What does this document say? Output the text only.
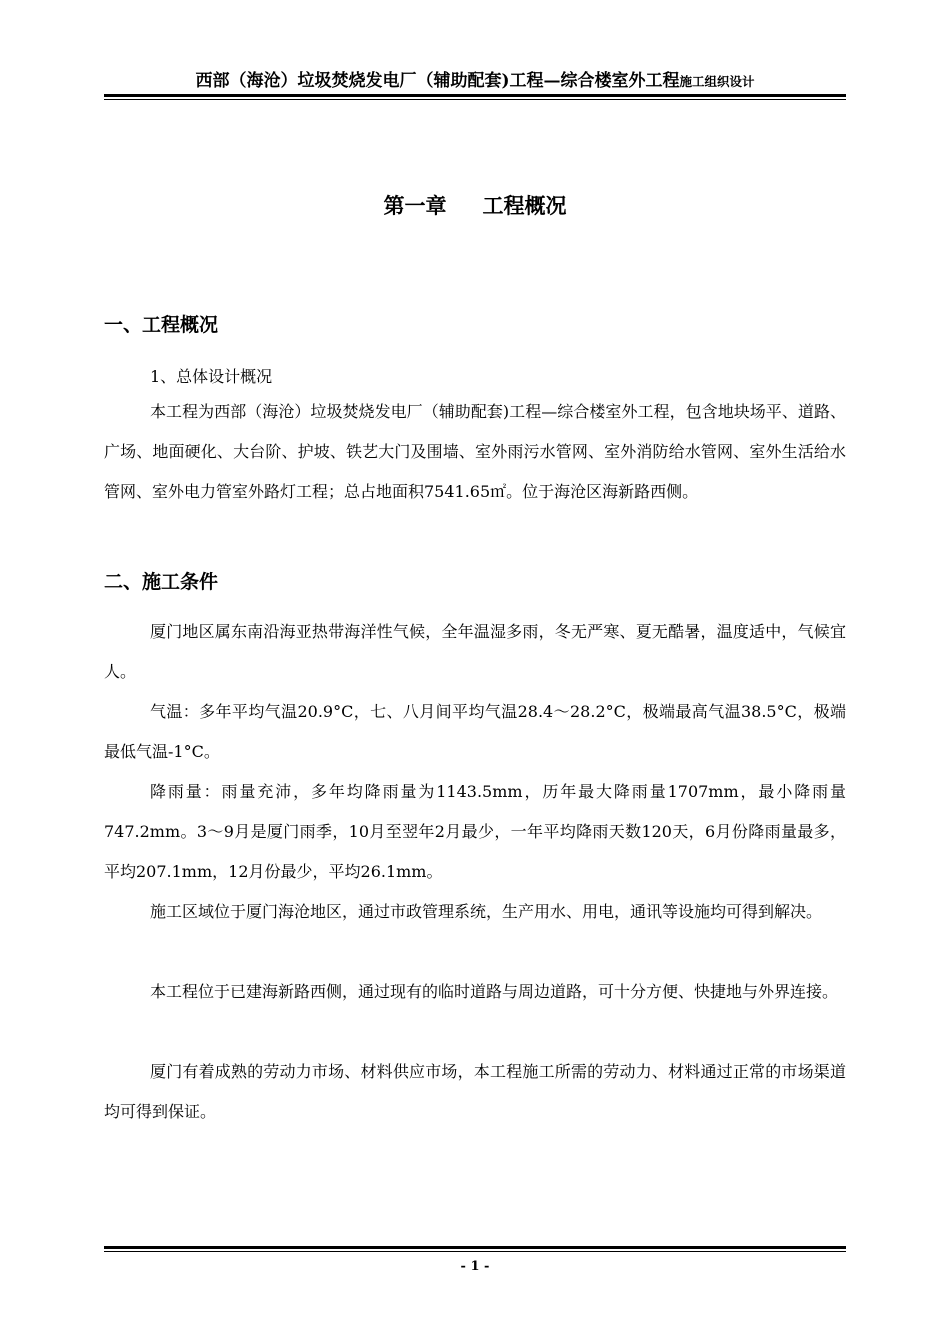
西部（海沧）垃圾焚烧发电厂（辅助配套)工程—综合楼室外工程施工组织设计
第一章 工程概况
一、工程概况
1、总体设计概况
本工程为西部（海沧）垃圾焚烧发电厂（辅助配套)工程—综合楼室外工程，包含地块场平、道路、广场、地面硬化、大台阶、护坡、铁艺大门及围墙、室外雨污水管网、室外消防给水管网、室外生活给水管网、室外电力管室外路灯工程；总占地面积7541.65㎡。位于海沧区海新路西侧。
二、施工条件
厦门地区属东南沿海亚热带海洋性气候，全年温湿多雨，冬无严寒、夏无酷暑，温度适中，气候宜人。
气温：多年平均气温20.9°C，七、八月间平均气温28.4～28.2°C，极端最高气温38.5°C，极端最低气温-1°C。
降雨量：雨量充沛，多年均降雨量为1143.5mm，历年最大降雨量1707mm，最小降雨量747.2mm。3～9月是厦门雨季，10月至翌年2月最少，一年平均降雨天数120天，6月份降雨量最多，平均207.1mm，12月份最少，平均26.1mm。
施工区域位于厦门海沧地区，通过市政管理系统，生产用水、用电，通讯等设施均可得到解决。
本工程位于已建海新路西侧，通过现有的临时道路与周边道路，可十分方便、快捷地与外界连接。
厦门有着成熟的劳动力市场、材料供应市场，本工程施工所需的劳动力、材料通过正常的市场渠道均可得到保证。
- 1 -
